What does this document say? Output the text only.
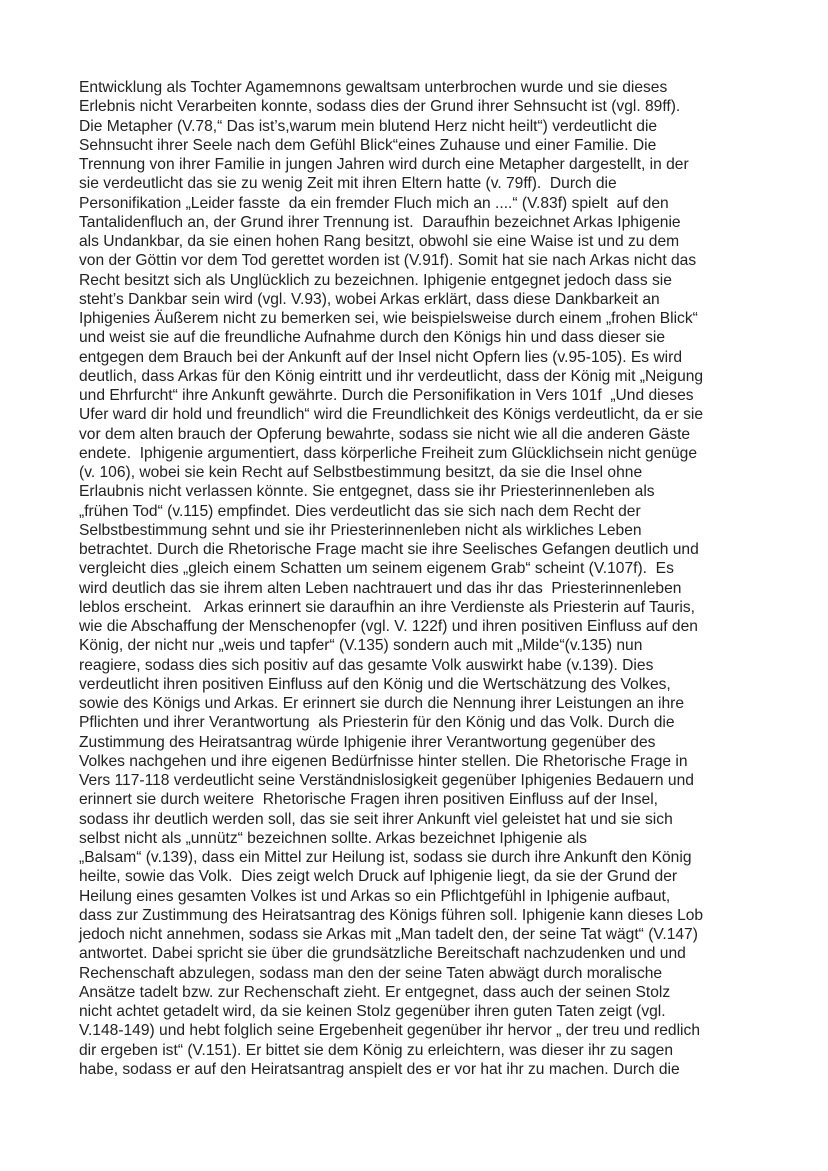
Entwicklung als Tochter Agamemnons gewaltsam unterbrochen wurde und sie dieses
Erlebnis nicht Verarbeiten konnte, sodass dies der Grund ihrer Sehnsucht ist (vgl. 89ff).
Die Metapher (V.78,“ Das ist’s,warum mein blutend Herz nicht heilt“) verdeutlicht die
Sehnsucht ihrer Seele nach dem Gefühl Blick“eines Zuhause und einer Familie. Die
Trennung von ihrer Familie in jungen Jahren wird durch eine Metapher dargestellt, in der
sie verdeutlicht das sie zu wenig Zeit mit ihren Eltern hatte (v. 79ff).  Durch die
Personifikation „Leider fasste  da ein fremder Fluch mich an ....“ (V.83f) spielt  auf den
Tantalidenfluch an, der Grund ihrer Trennung ist.  Daraufhin bezeichnet Arkas Iphigenie
als Undankbar, da sie einen hohen Rang besitzt, obwohl sie eine Waise ist und zu dem
von der Göttin vor dem Tod gerettet worden ist (V.91f). Somit hat sie nach Arkas nicht das
Recht besitzt sich als Unglücklich zu bezeichnen. Iphigenie entgegnet jedoch dass sie
steht’s Dankbar sein wird (vgl. V.93), wobei Arkas erklärt, dass diese Dankbarkeit an
Iphigenies Äußerem nicht zu bemerken sei, wie beispielsweise durch einem „frohen Blick“
und weist sie auf die freundliche Aufnahme durch den Königs hin und dass dieser sie
entgegen dem Brauch bei der Ankunft auf der Insel nicht Opfern lies (v.95-105). Es wird
deutlich, dass Arkas für den König eintritt und ihr verdeutlicht, dass der König mit „Neigung
und Ehrfurcht“ ihre Ankunft gewährte. Durch die Personifikation in Vers 101f  „Und dieses
Ufer ward dir hold und freundlich“ wird die Freundlichkeit des Königs verdeutlicht, da er sie
vor dem alten brauch der Opferung bewahrte, sodass sie nicht wie all die anderen Gäste
endete.  Iphigenie argumentiert, dass körperliche Freiheit zum Glücklichsein nicht genüge
(v. 106), wobei sie kein Recht auf Selbstbestimmung besitzt, da sie die Insel ohne
Erlaubnis nicht verlassen könnte. Sie entgegnet, dass sie ihr Priesterinnenleben als
„frühen Tod“ (v.115) empfindet. Dies verdeutlicht das sie sich nach dem Recht der
Selbstbestimmung sehnt und sie ihr Priesterinnenleben nicht als wirkliches Leben
betrachtet. Durch die Rhetorische Frage macht sie ihre Seelisches Gefangen deutlich und
vergleicht dies „gleich einem Schatten um seinem eigenem Grab“ scheint (V.107f).  Es
wird deutlich das sie ihrem alten Leben nachtrauert und das ihr das  Priesterinnenleben
leblos erscheint.   Arkas erinnert sie daraufhin an ihre Verdienste als Priesterin auf Tauris,
wie die Abschaffung der Menschenopfer (vgl. V. 122f) und ihren positiven Einfluss auf den
König, der nicht nur „weis und tapfer“ (V.135) sondern auch mit „Milde“(v.135) nun
reagiere, sodass dies sich positiv auf das gesamte Volk auswirkt habe (v.139). Dies
verdeutlicht ihren positiven Einfluss auf den König und die Wertschätzung des Volkes,
sowie des Königs und Arkas. Er erinnert sie durch die Nennung ihrer Leistungen an ihre
Pflichten und ihrer Verantwortung  als Priesterin für den König und das Volk. Durch die
Zustimmung des Heiratsantrag würde Iphigenie ihrer Verantwortung gegenüber des
Volkes nachgehen und ihre eigenen Bedürfnisse hinter stellen. Die Rhetorische Frage in
Vers 117-118 verdeutlicht seine Verständnislosigkeit gegenüber Iphigenies Bedauern und
erinnert sie durch weitere  Rhetorische Fragen ihren positiven Einfluss auf der Insel,
sodass ihr deutlich werden soll, das sie seit ihrer Ankunft viel geleistet hat und sie sich
selbst nicht als „unnütz“ bezeichnen sollte. Arkas bezeichnet Iphigenie als
„Balsam“ (v.139), dass ein Mittel zur Heilung ist, sodass sie durch ihre Ankunft den König
heilte, sowie das Volk.  Dies zeigt welch Druck auf Iphigenie liegt, da sie der Grund der
Heilung eines gesamten Volkes ist und Arkas so ein Pflichtgefühl in Iphigenie aufbaut,
dass zur Zustimmung des Heiratsantrag des Königs führen soll. Iphigenie kann dieses Lob
jedoch nicht annehmen, sodass sie Arkas mit „Man tadelt den, der seine Tat wägt“ (V.147)
antwortet. Dabei spricht sie über die grundsätzliche Bereitschaft nachzudenken und und
Rechenschaft abzulegen, sodass man den der seine Taten abwägt durch moralische
Ansätze tadelt bzw. zur Rechenschaft zieht. Er entgegnet, dass auch der seinen Stolz
nicht achtet getadelt wird, da sie keinen Stolz gegenüber ihren guten Taten zeigt (vgl.
V.148-149) und hebt folglich seine Ergebenheit gegenüber ihr hervor „ der treu und redlich
dir ergeben ist“ (V.151). Er bittet sie dem König zu erleichtern, was dieser ihr zu sagen
habe, sodass er auf den Heiratsantrag anspielt des er vor hat ihr zu machen. Durch die
